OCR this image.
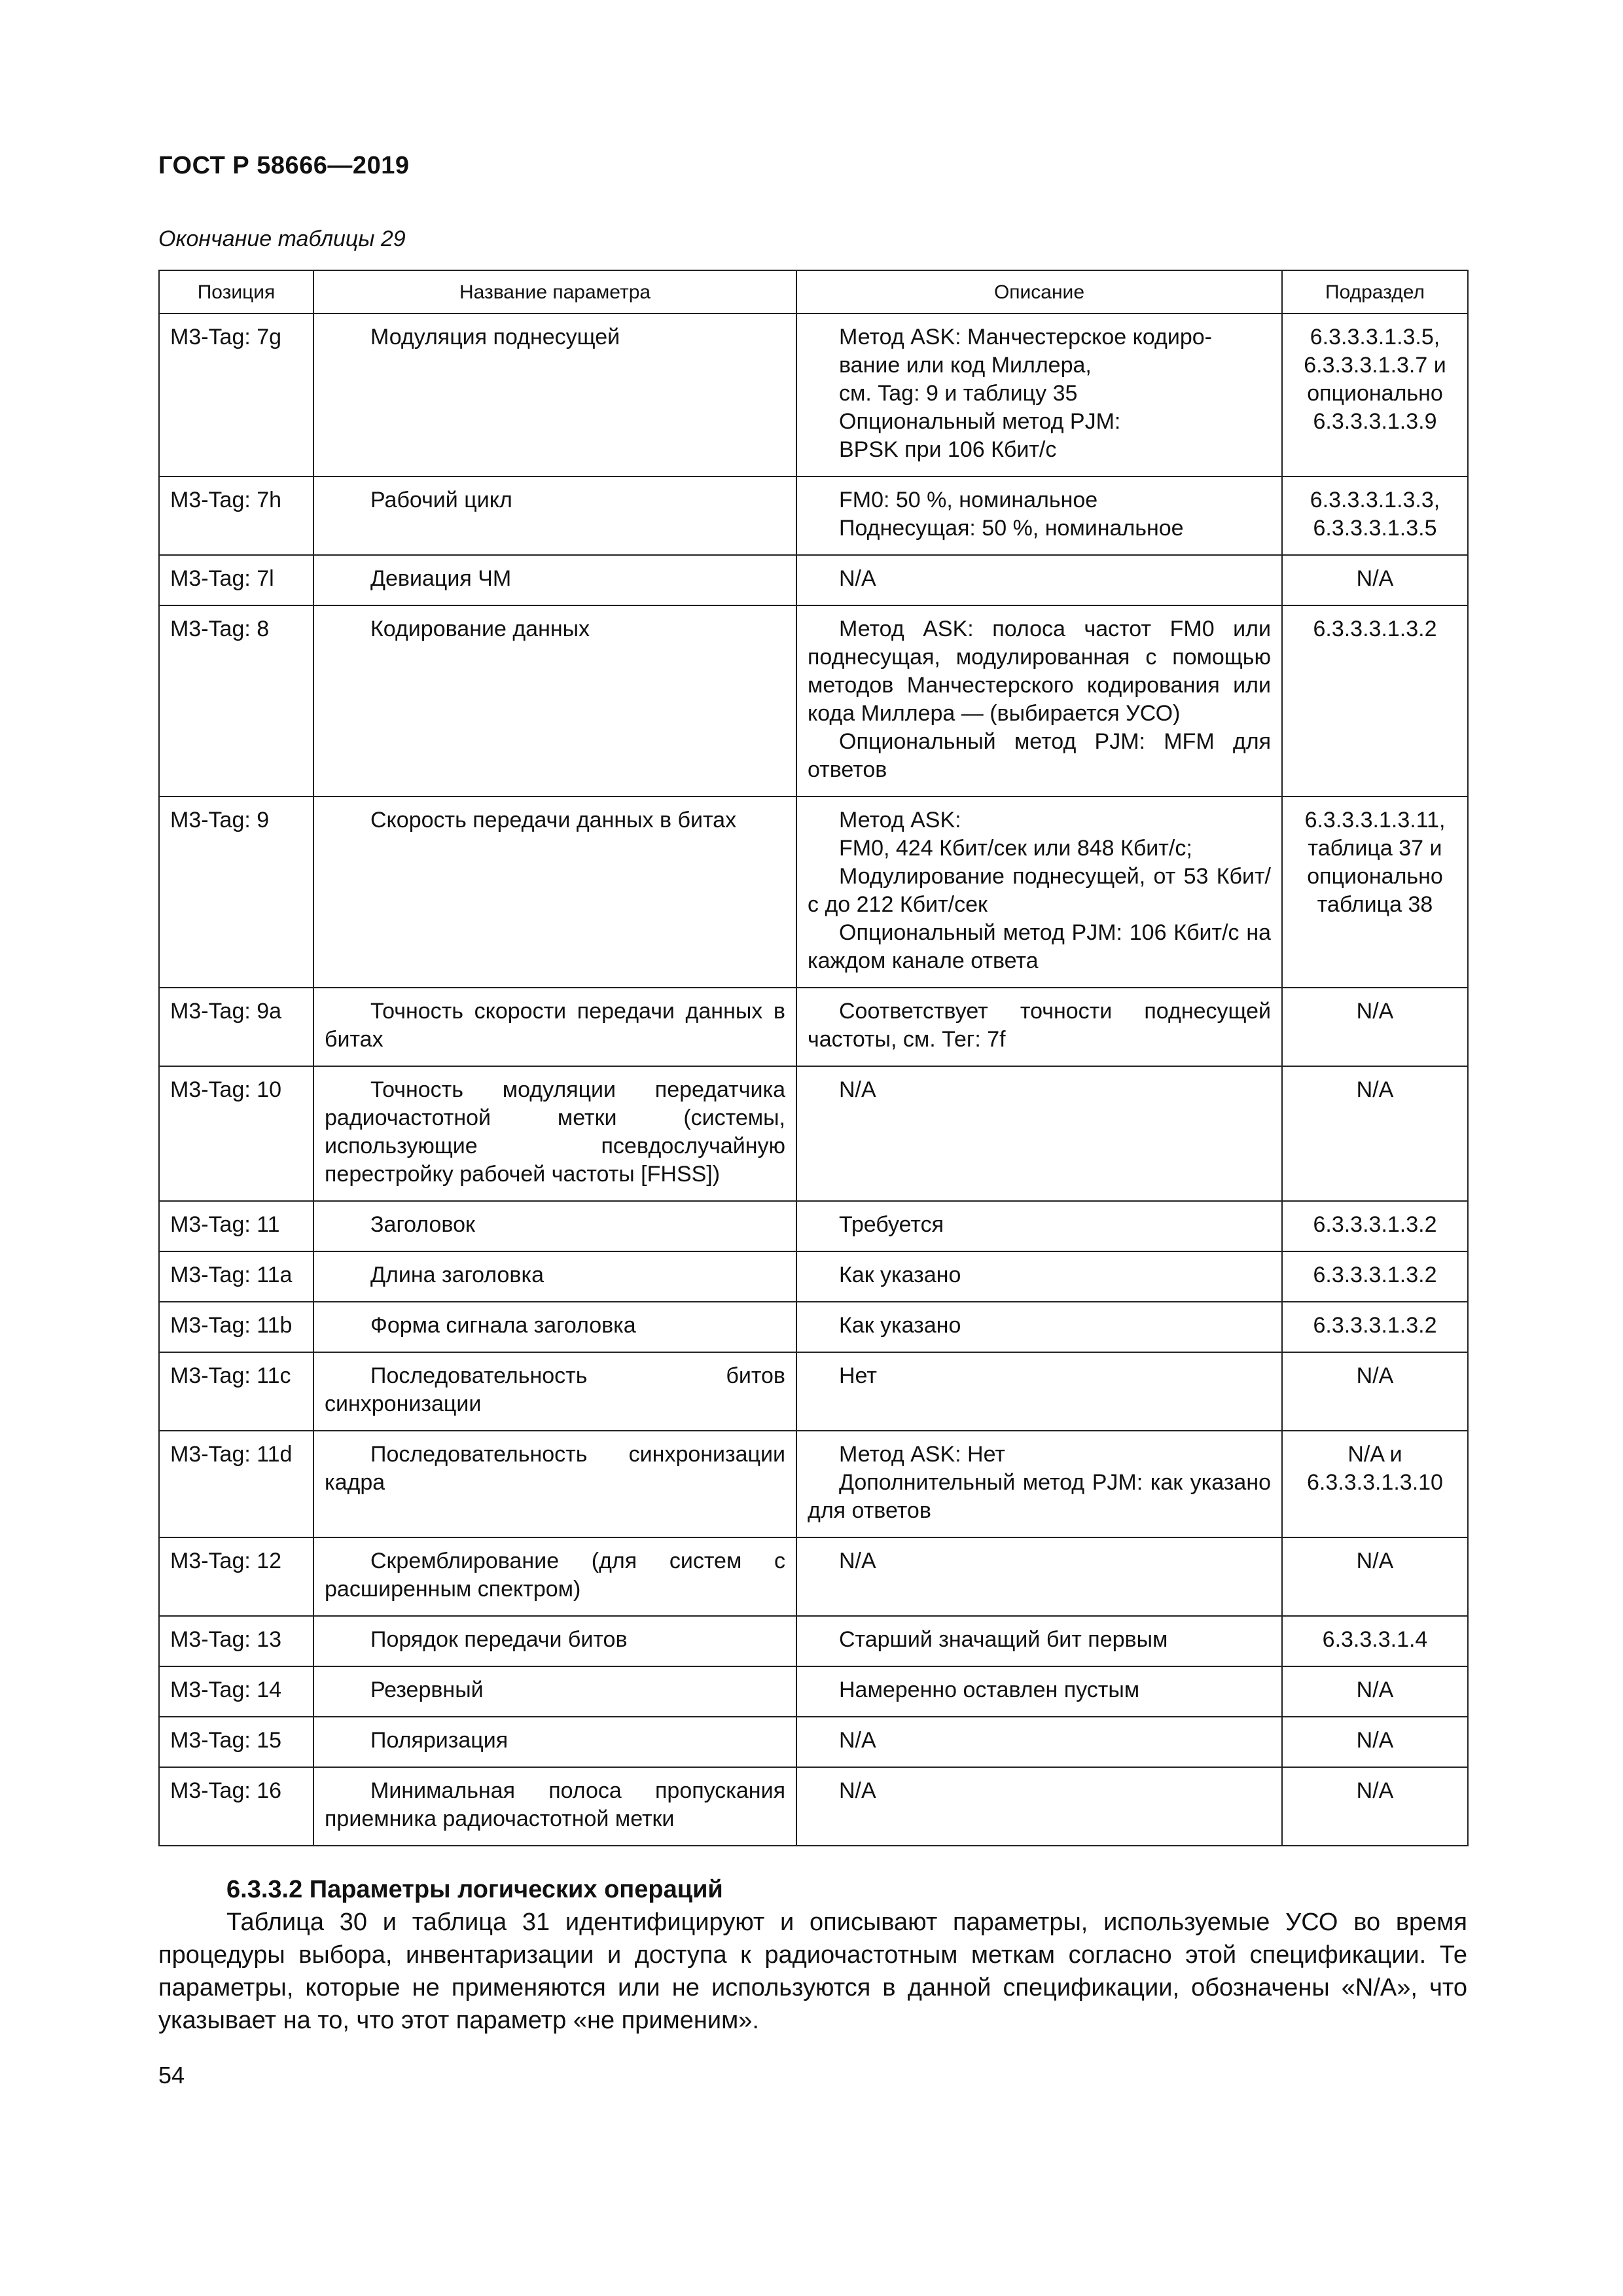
ГОСТ Р 58666—2019
Окончание таблицы 29
Позиция	Название параметра	Описание	Подраздел
M3-Tag: 7g	Модуляция поднесущей	Метод ASK: Манчестерское кодиро-
вание или код Миллера,
см. Tag: 9 и таблицу 35
Опциональный метод PJM:
BPSK при 106 Кбит/с	6.3.3.3.1.3.5, 6.3.3.3.1.3.7 и опционально 6.3.3.3.1.3.9
M3-Tag: 7h	Рабочий цикл	FM0: 50 %, номинальное
Поднесущая: 50 %, номинальное	6.3.3.3.1.3.3, 6.3.3.3.1.3.5
M3-Tag: 7l	Девиация ЧМ	N/A	N/A
M3-Tag: 8	Кодирование данных	Метод ASK: полоса частот FM0 или поднесущая, модулированная с помощью методов Манчестерского кодирования или кода Миллера — (выбирается УСО)
Опциональный метод PJM: MFM для ответов	6.3.3.3.1.3.2
M3-Tag: 9	Скорость передачи данных в битах	Метод ASK:
FM0, 424 Кбит/сек или 848 Кбит/с;
Модулирование поднесущей, от 53 Кбит/с до 212 Кбит/сек
Опциональный метод PJM: 106 Кбит/с на каждом канале ответа	6.3.3.3.1.3.11, таблица 37 и опционально таблица 38
M3-Tag: 9a	Точность скорости передачи данных в битах	Соответствует точности поднесущей частоты, см. Тег: 7f	N/A
M3-Tag: 10	Точность модуляции передатчика радиочастотной метки (системы, использующие псевдослучайную перестройку рабочей частоты [FHSS])	N/A	N/A
M3-Tag: 11	Заголовок	Требуется	6.3.3.3.1.3.2
M3-Tag: 11a	Длина заголовка	Как указано	6.3.3.3.1.3.2
M3-Tag: 11b	Форма сигнала заголовка	Как указано	6.3.3.3.1.3.2
M3-Tag: 11c	Последовательность битов синхронизации	Нет	N/A
M3-Tag: 11d	Последовательность синхронизации кадра	Метод ASK: Нет
Дополнительный метод PJM: как указано для ответов	N/A и 6.3.3.3.1.3.10
M3-Tag: 12	Скремблирование (для систем с расширенным спектром)	N/A	N/A
M3-Tag: 13	Порядок передачи битов	Старший значащий бит первым	6.3.3.3.1.4
M3-Tag: 14	Резервный	Намеренно оставлен пустым	N/A
M3-Tag: 15	Поляризация	N/A	N/A
M3-Tag: 16	Минимальная полоса пропускания приемника радиочастотной метки	N/A	N/A
6.3.3.2 Параметры логических операций
Таблица 30 и таблица 31 идентифицируют и описывают параметры, используемые УСО во время процедуры выбора, инвентаризации и доступа к радиочастотным меткам согласно этой спецификации. Те параметры, которые не применяются или не используются в данной спецификации, обозначены «N/A», что указывает на то, что этот параметр «не применим».
54
